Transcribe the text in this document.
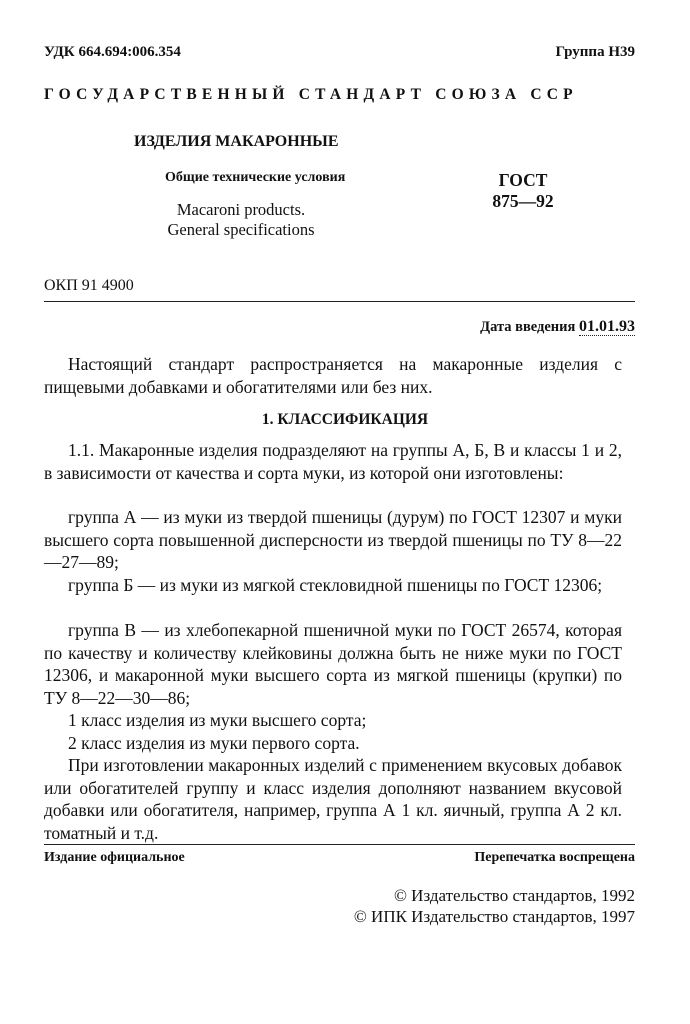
УДК 664.694:006.354	Группа Н39
ГОСУДАРСТВЕННЫЙ СТАНДАРТ СОЮЗА ССР
ИЗДЕЛИЯ МАКАРОННЫЕ
Общие технические условия
Macaroni products.
General specifications
ГОСТ
875—92
ОКП 91 4900
Дата введения 01.01.93
Настоящий стандарт распространяется на макаронные изделия с пищевыми добавками и обогатителями или без них.
1. КЛАССИФИКАЦИЯ
1.1. Макаронные изделия подразделяют на группы А, Б, В и классы 1 и 2, в зависимости от качества и сорта муки, из которой они изготовлены:
группа А — из муки из твердой пшеницы (дурум) по ГОСТ 12307 и муки высшего сорта повышенной дисперсности из твердой пшеницы по ТУ 8—22—27—89;
группа Б — из муки из мягкой стекловидной пшеницы по ГОСТ 12306;
группа В — из хлебопекарной пшеничной муки по ГОСТ 26574, которая по качеству и количеству клейковины должна быть не ниже муки по ГОСТ 12306, и макаронной муки высшего сорта из мягкой пшеницы (крупки) по ТУ 8—22—30—86;
1 класс изделия из муки высшего сорта;
2 класс изделия из муки первого сорта.
При изготовлении макаронных изделий с применением вкусовых добавок или обогатителей группу и класс изделия дополняют названием вкусовой добавки или обогатителя, например, группа А 1 кл. яичный, группа А 2 кл. томатный и т.д.
Издание официальное	Перепечатка воспрещена
© Издательство стандартов, 1992
© ИПК Издательство стандартов, 1997
